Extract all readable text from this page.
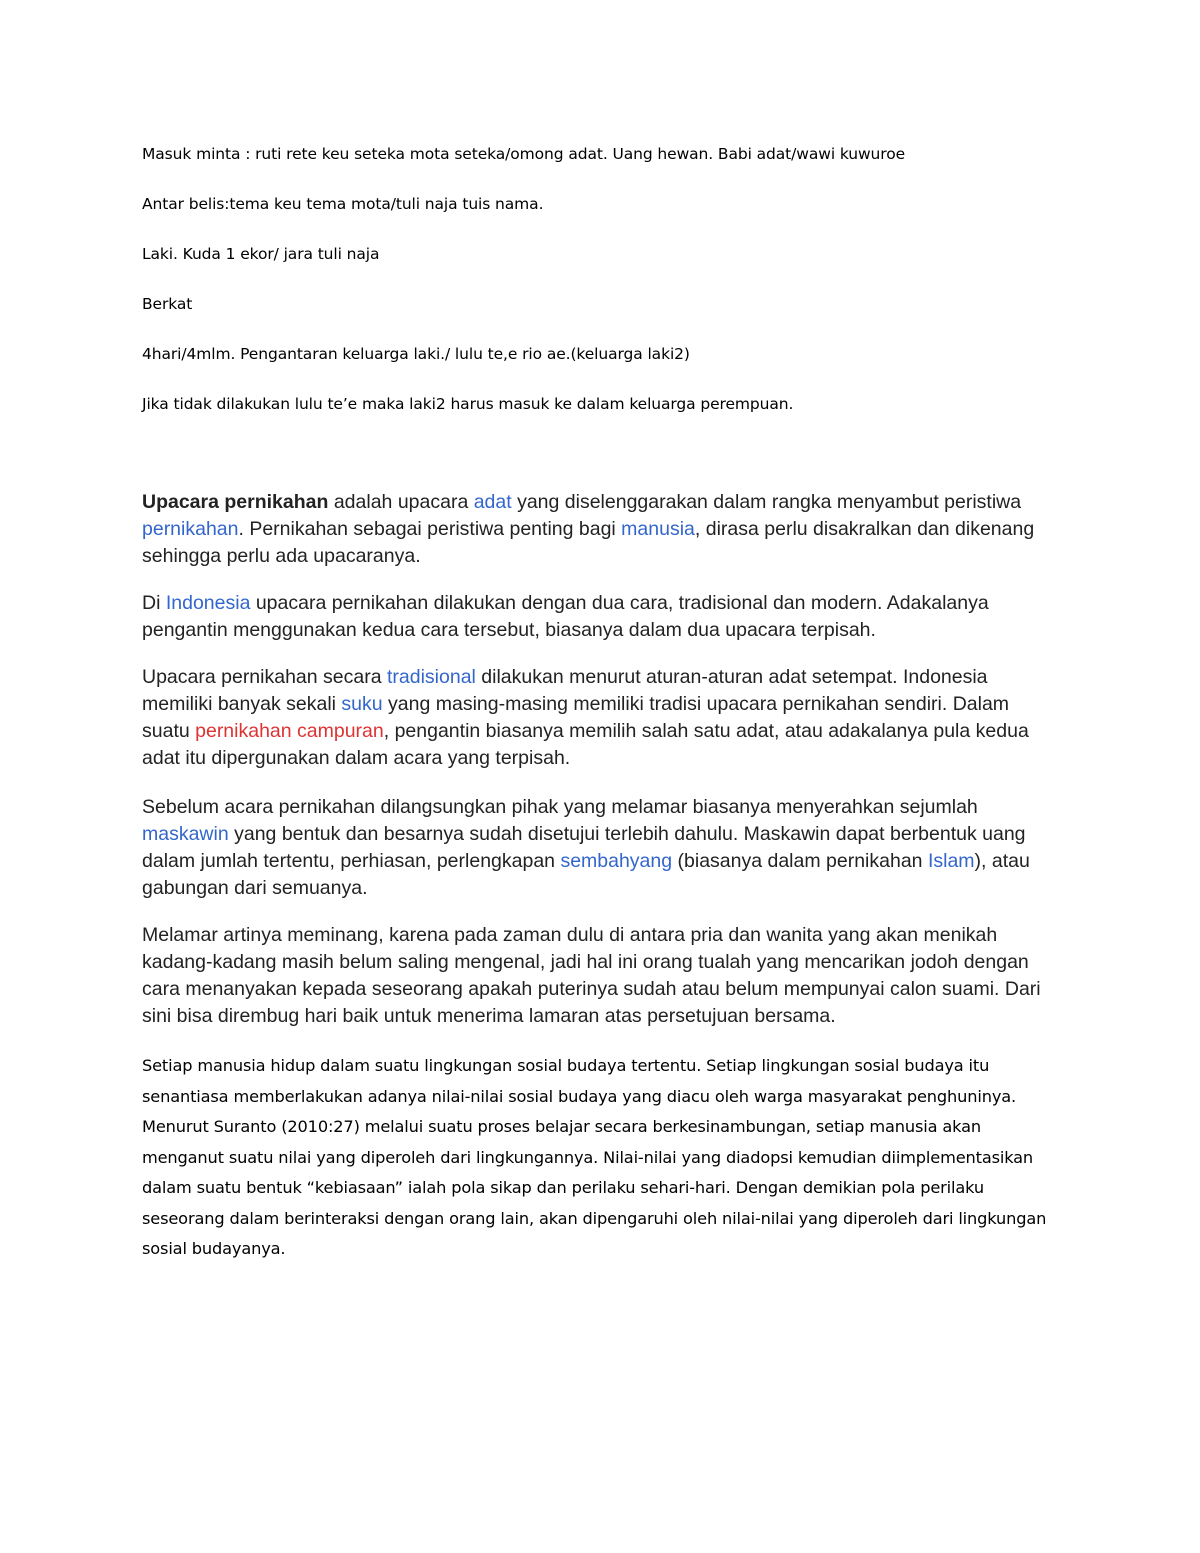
Masuk minta : ruti rete keu seteka mota seteka/omong adat. Uang hewan. Babi adat/wawi kuwuroe
Antar belis:tema keu tema mota/tuli naja tuis nama.
Laki. Kuda 1 ekor/ jara tuli naja
Berkat
4hari/4mlm. Pengantaran keluarga laki./ lulu te,e rio ae.(keluarga laki2)
Jika tidak dilakukan lulu te’e maka laki2 harus masuk ke dalam keluarga perempuan.

Upacara pernikahan adalah upacara adat yang diselenggarakan dalam rangka menyambut peristiwa pernikahan. Pernikahan sebagai peristiwa penting bagi manusia, dirasa perlu disakralkan dan dikenang sehingga perlu ada upacaranya.

Di Indonesia upacara pernikahan dilakukan dengan dua cara, tradisional dan modern. Adakalanya pengantin menggunakan kedua cara tersebut, biasanya dalam dua upacara terpisah.

Upacara pernikahan secara tradisional dilakukan menurut aturan-aturan adat setempat. Indonesia memiliki banyak sekali suku yang masing-masing memiliki tradisi upacara pernikahan sendiri. Dalam suatu pernikahan campuran, pengantin biasanya memilih salah satu adat, atau adakalanya pula kedua adat itu dipergunakan dalam acara yang terpisah.

Sebelum acara pernikahan dilangsungkan pihak yang melamar biasanya menyerahkan sejumlah maskawin yang bentuk dan besarnya sudah disetujui terlebih dahulu. Maskawin dapat berbentuk uang dalam jumlah tertentu, perhiasan, perlengkapan sembahyang (biasanya dalam pernikahan Islam), atau gabungan dari semuanya.

Melamar artinya meminang, karena pada zaman dulu di antara pria dan wanita yang akan menikah kadang-kadang masih belum saling mengenal, jadi hal ini orang tualah yang mencarikan jodoh dengan cara menanyakan kepada seseorang apakah puterinya sudah atau belum mempunyai calon suami. Dari sini bisa dirembug hari baik untuk menerima lamaran atas persetujuan bersama.

Setiap manusia hidup dalam suatu lingkungan sosial budaya tertentu. Setiap lingkungan sosial budaya itu senantiasa memberlakukan adanya nilai-nilai sosial budaya yang diacu oleh warga masyarakat penghuninya. Menurut Suranto (2010:27) melalui suatu proses belajar secara berkesinambungan, setiap manusia akan menganut suatu nilai yang diperoleh dari lingkungannya. Nilai-nilai yang diadopsi kemudian diimplementasikan dalam suatu bentuk “kebiasaan” ialah pola sikap dan perilaku sehari-hari. Dengan demikian pola perilaku seseorang dalam berinteraksi dengan orang lain, akan dipengaruhi oleh nilai-nilai yang diperoleh dari lingkungan sosial budayanya.
